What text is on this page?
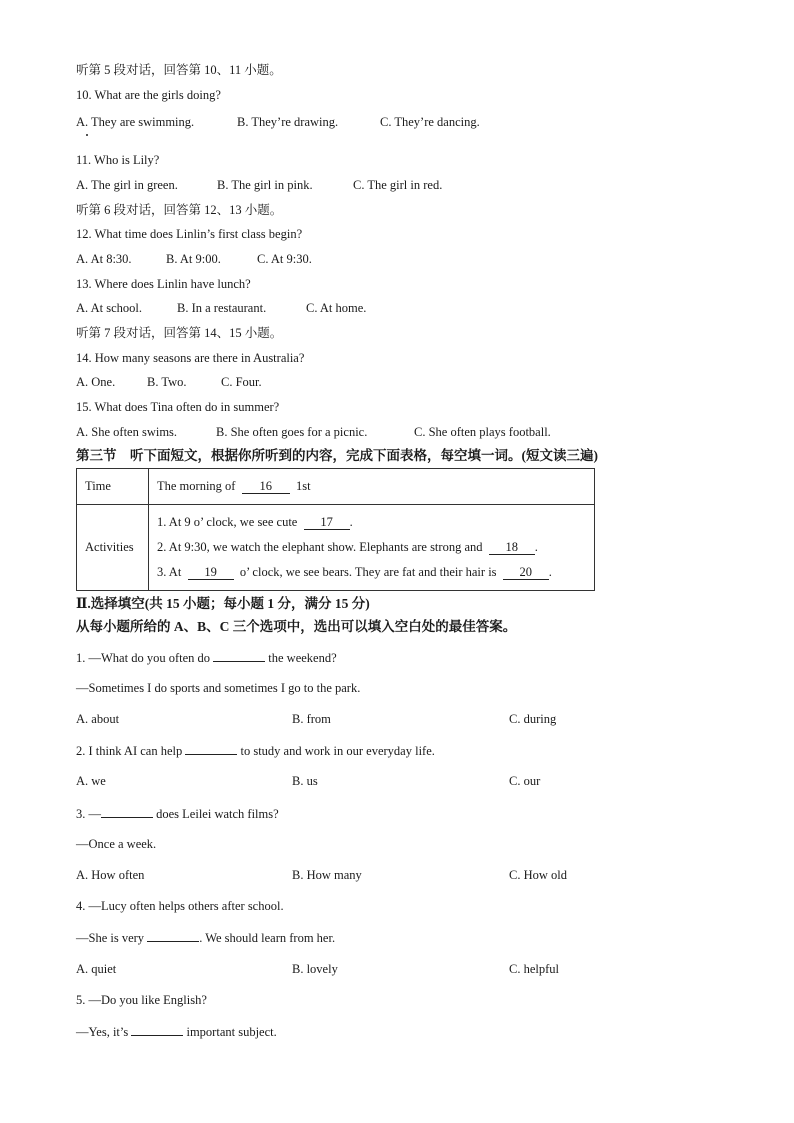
听第 5 段对话，回答第 10、11 小题。
10. What are the girls doing?
A. They are swimming.	B. They’re drawing.	C. They’re dancing.
11. Who is Lily?
A. The girl in green.	B. The girl in pink.	C. The girl in red.
听第 6 段对话，回答第 12、13 小题。
12. What time does Linlin’s first class begin?
A. At 8:30.	B. At 9:00.	C. At 9:30.
13. Where does Linlin have lunch?
A. At school.	B. In a restaurant.	C. At home.
听第 7 段对话，回答第 14、15 小题。
14. How many seasons are there in Australia?
A. One.	B. Two.	C. Four.
15. What does Tina often do in summer?
A. She often swims.	B. She often goes for a picnic.	C. She often plays football.
第三节　听下面短文，根据你所听到的内容，完成下面表格，每空填一词。(短文读三遍)
Time	The morning of 16 1st
Activities	1. At 9 o’ clock, we see cute 17 .
2. At 9:30, we watch the elephant show. Elephants are strong and 18 .
3. At 19 o’ clock, we see bears. They are fat and their hair is 20 .
Ⅱ.选择填空(共 15 小题；每小题 1 分，满分 15 分)
从每小题所给的 A、B、C 三个选项中，选出可以填入空白处的最佳答案。
1. —What do you often do	the weekend?
—Sometimes I do sports and sometimes I go to the park.
A. about	B. from	C. during
2. I think AI can help	to study and work in our everyday life.
A. we	B. us	C. our
3. —	does Leilei watch films?
—Once a week.
A. How often	B. How many	C. How old
4. —Lucy often helps others after school.
—She is very	. We should learn from her.
A. quiet	B. lovely	C. helpful
5. —Do you like English?
—Yes, it’s	important subject.
